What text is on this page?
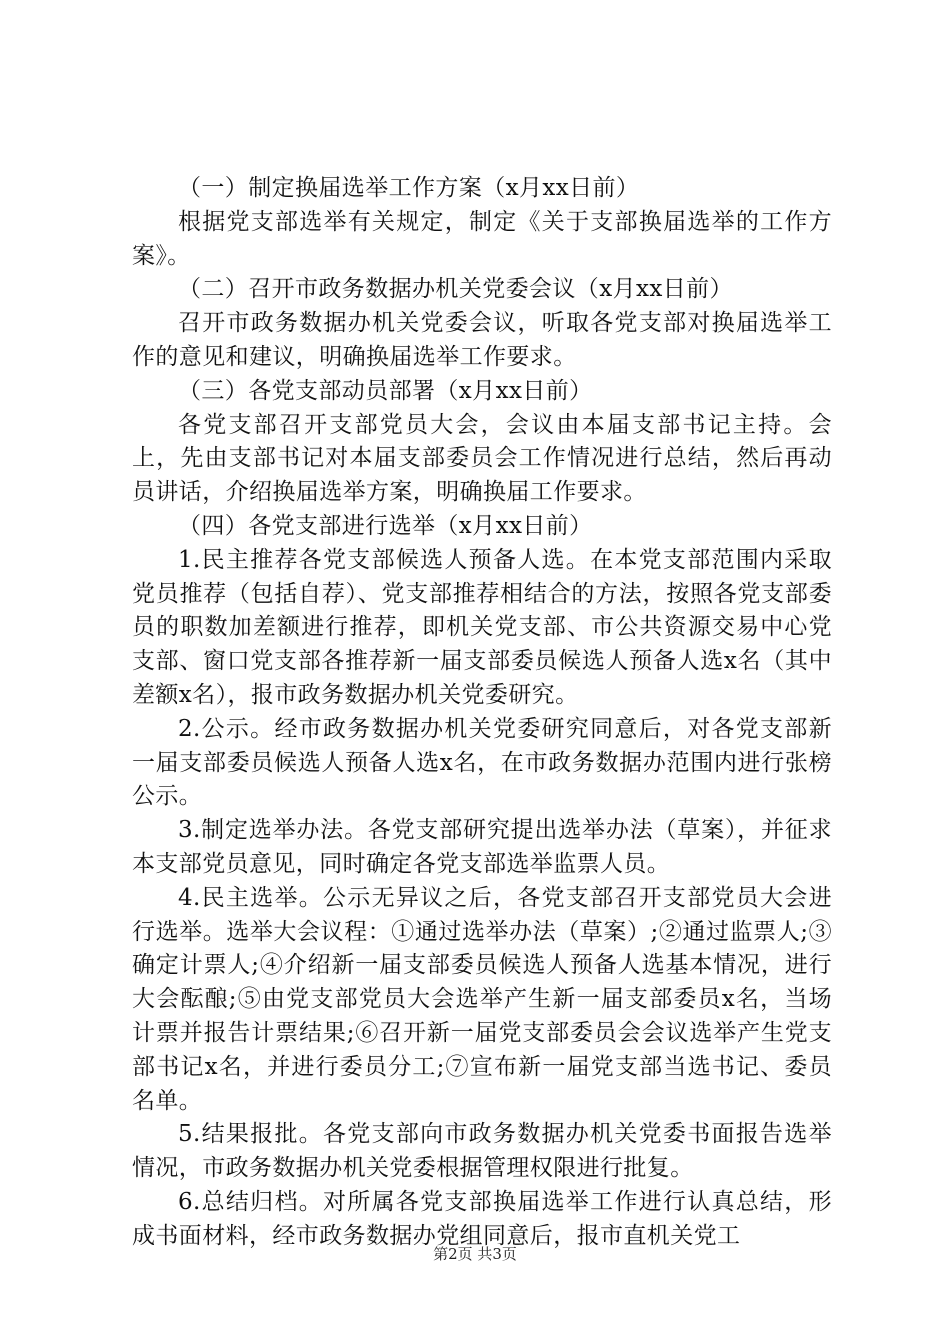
（一）制定换届选举工作方案（x月xx日前）

根据党支部选举有关规定，制定《关于支部换届选举的工作方案》。

（二）召开市政务数据办机关党委会议（x月xx日前）

召开市政务数据办机关党委会议，听取各党支部对换届选举工作的意见和建议，明确换届选举工作要求。

（三）各党支部动员部署（x月xx日前）

各党支部召开支部党员大会，会议由本届支部书记主持。会上，先由支部书记对本届支部委员会工作情况进行总结，然后再动员讲话，介绍换届选举方案，明确换届工作要求。

（四）各党支部进行选举（x月xx日前）

1.民主推荐各党支部候选人预备人选。在本党支部范围内采取党员推荐（包括自荐）、党支部推荐相结合的方法，按照各党支部委员的职数加差额进行推荐，即机关党支部、市公共资源交易中心党支部、窗口党支部各推荐新一届支部委员候选人预备人选x名（其中差额x名），报市政务数据办机关党委研究。

2.公示。经市政务数据办机关党委研究同意后，对各党支部新一届支部委员候选人预备人选x名，在市政务数据办范围内进行张榜公示。

3.制定选举办法。各党支部研究提出选举办法（草案），并征求本支部党员意见，同时确定各党支部选举监票人员。

4.民主选举。公示无异议之后，各党支部召开支部党员大会进行选举。选举大会议程：①通过选举办法（草案）;②通过监票人;③确定计票人;④介绍新一届支部委员候选人预备人选基本情况，进行大会酝酿;⑤由党支部党员大会选举产生新一届支部委员x名，当场计票并报告计票结果;⑥召开新一届党支部委员会会议选举产生党支部书记x名，并进行委员分工;⑦宣布新一届党支部当选书记、委员名单。

5.结果报批。各党支部向市政务数据办机关党委书面报告选举情况，市政务数据办机关党委根据管理权限进行批复。

6.总结归档。对所属各党支部换届选举工作进行认真总结，形成书面材料，经市政务数据办党组同意后，报市直机关党工

第2页 共3页
